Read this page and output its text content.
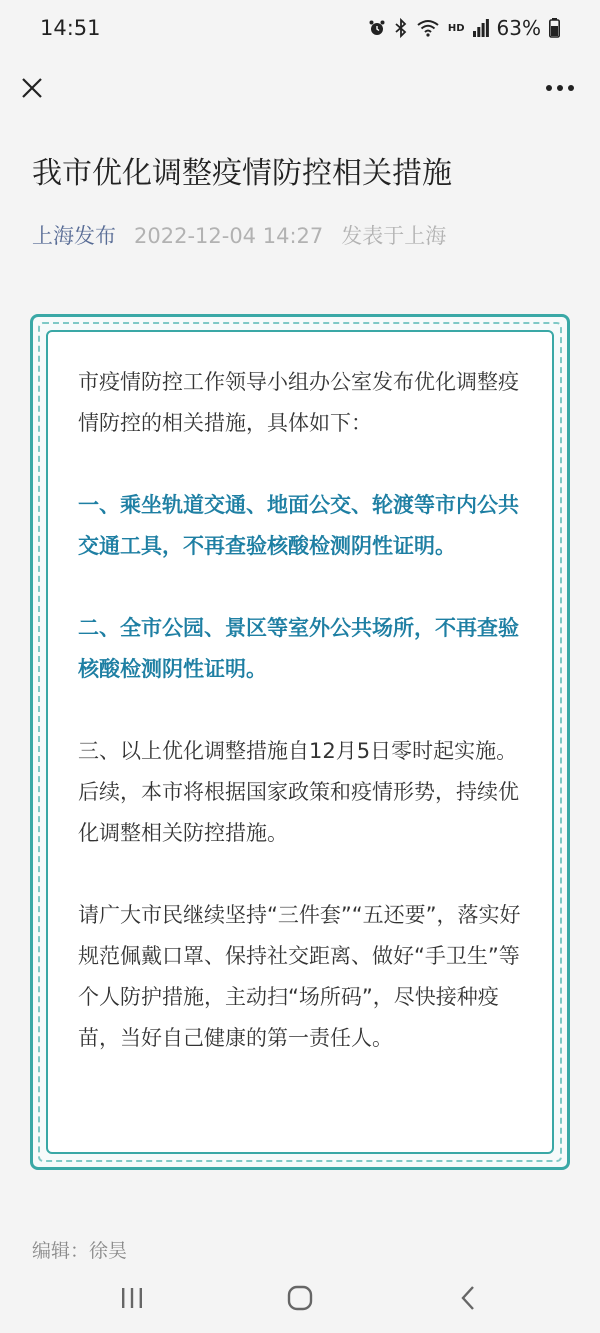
14:51	HD 63%
我市优化调整疫情防控相关措施
上海发布 2022-12-04 14:27 发表于上海

市疫情防控工作领导小组办公室发布优化调整疫情防控的相关措施，具体如下：

一、乘坐轨道交通、地面公交、轮渡等市内公共交通工具，不再查验核酸检测阴性证明。

二、全市公园、景区等室外公共场所，不再查验核酸检测阴性证明。

三、以上优化调整措施自12月5日零时起实施。后续，本市将根据国家政策和疫情形势，持续优化调整相关防控措施。

请广大市民继续坚持“三件套”“五还要”，落实好规范佩戴口罩、保持社交距离、做好“手卫生”等个人防护措施，主动扫“场所码”，尽快接种疫苗，当好自己健康的第一责任人。

编辑：徐昊
